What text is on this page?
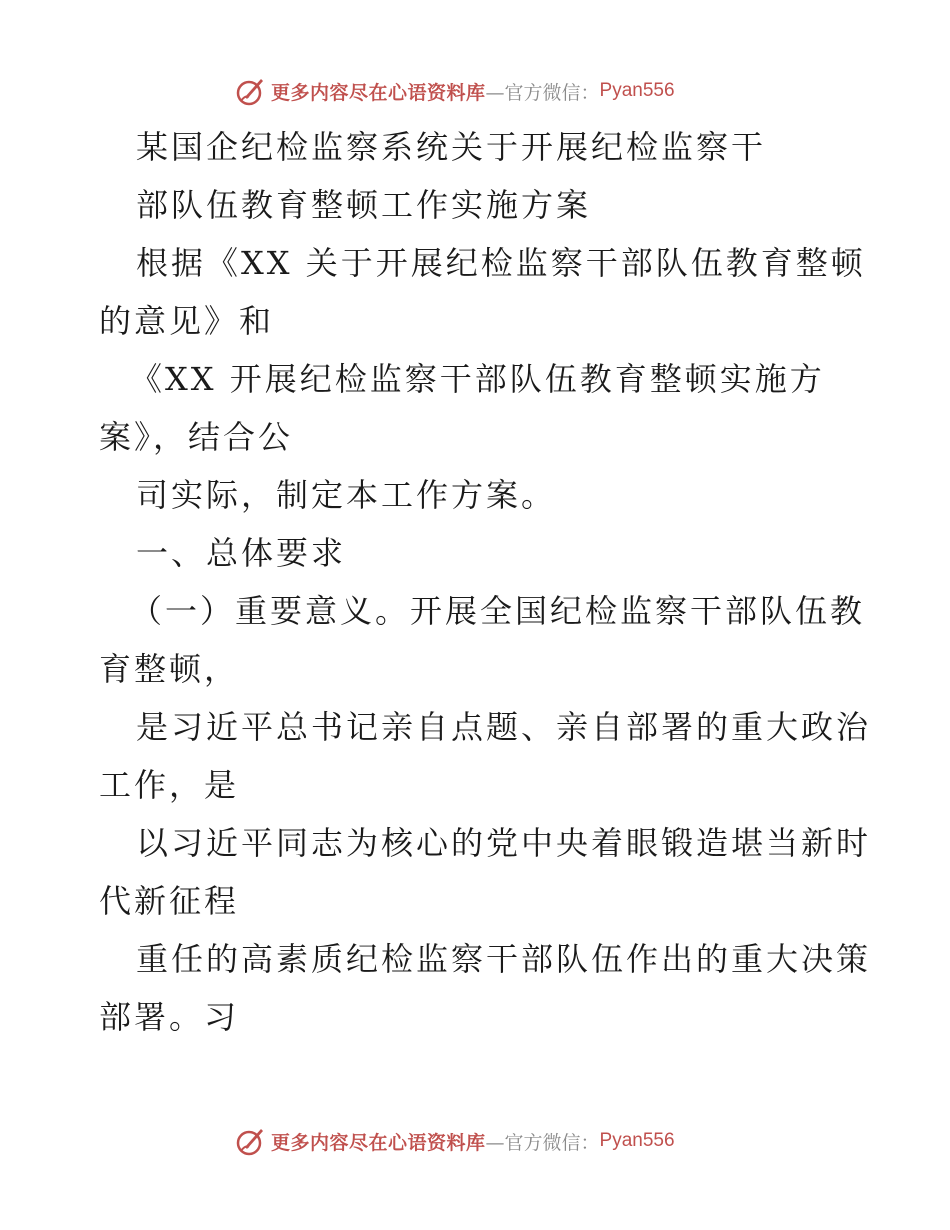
更多内容尽在心语资料库 —官方微信： Pyan556
某国企纪检监察系统关于开展纪检监察干
部队伍教育整顿工作实施方案
根据《XX 关于开展纪检监察干部队伍教育整顿
的意见》和
《XX 开展纪检监察干部队伍教育整顿实施方
案》，结合公
司实际，制定本工作方案。
一、总体要求
（一）重要意义。开展全国纪检监察干部队伍教
育整顿，
是习近平总书记亲自点题、亲自部署的重大政治
工作，是
以习近平同志为核心的党中央着眼锻造堪当新时
代新征程
重任的高素质纪检监察干部队伍作出的重大决策
部署。习
更多内容尽在心语资料库 —官方微信： Pyan556
